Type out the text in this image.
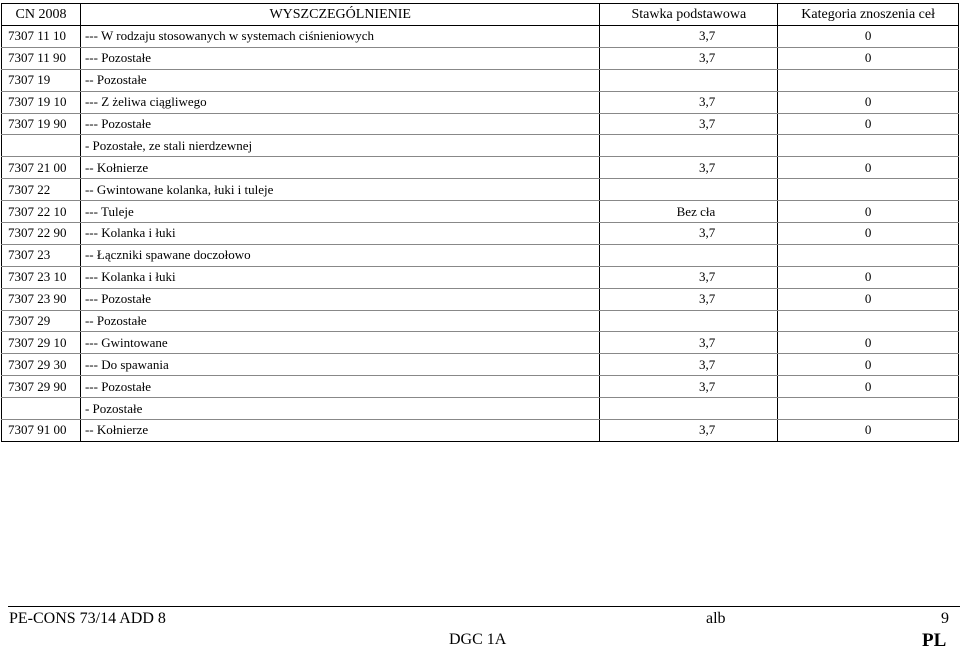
CN 2008	WYSZCZEGÓLNIENIE	Stawka podstawowa	Kategoria znoszenia ceł
7307 11 10	--- W rodzaju stosowanych w systemach ciśnieniowych	3,7	0
7307 11 90	--- Pozostałe	3,7	0
7307 19	-- Pozostałe		
7307 19 10	--- Z żeliwa ciągliwego	3,7	0
7307 19 90	--- Pozostałe	3,7	0
	- Pozostałe, ze stali nierdzewnej		
7307 21 00	-- Kołnierze	3,7	0
7307 22	-- Gwintowane kolanka, łuki i tuleje		
7307 22 10	--- Tuleje	Bez cła	0
7307 22 90	--- Kolanka i łuki	3,7	0
7307 23	-- Łączniki spawane doczołowo		
7307 23 10	--- Kolanka i łuki	3,7	0
7307 23 90	--- Pozostałe	3,7	0
7307 29	-- Pozostałe		
7307 29 10	--- Gwintowane	3,7	0
7307 29 30	--- Do spawania	3,7	0
7307 29 90	--- Pozostałe	3,7	0
	- Pozostałe		
7307 91 00	-- Kołnierze	3,7	0
PE-CONS 73/14 ADD 8	alb	9
DGC 1A	PL
